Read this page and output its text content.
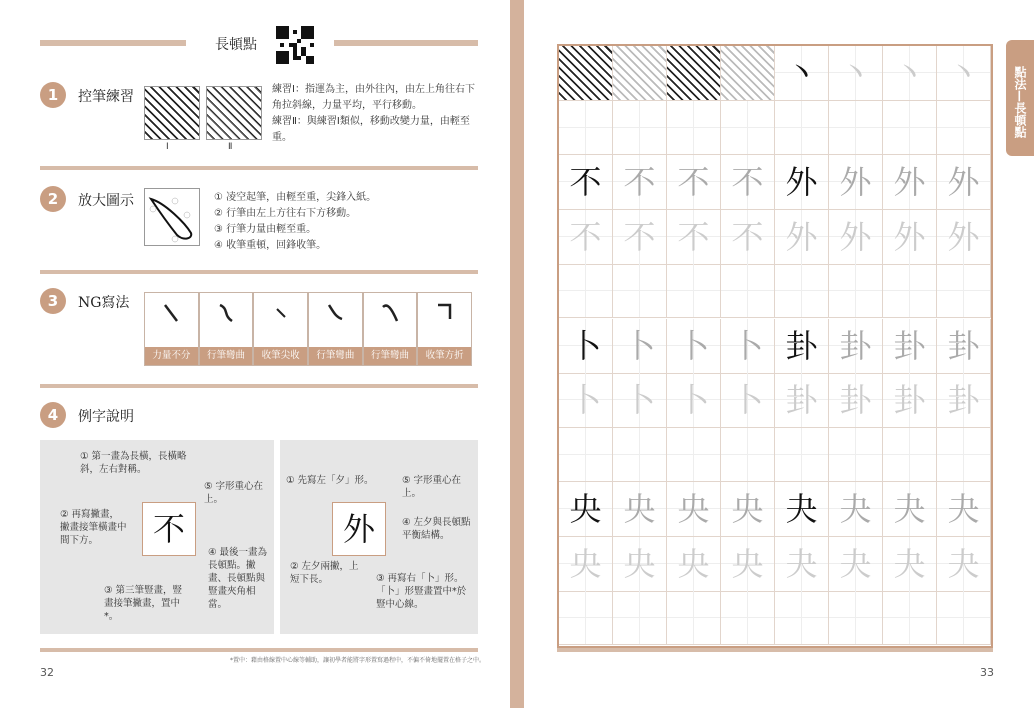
長頓點
1	控筆練習
Ⅰ	Ⅱ
練習Ⅰ：指運為主，由外往內，由左上角往右下角拉斜線，力量平均，平行移動。
練習Ⅱ：與練習Ⅰ類似，移動改變力量，由輕至重。
2	放大圖示	① 凌空起筆，由輕至重，尖鋒入紙。
② 行筆由左上方往右下方移動。
③ 行筆力量由輕至重。
④ 收筆重頓，回鋒收筆。
3	NG寫法
力量不分	行筆彎曲	收筆尖收	行筆彎曲	行筆彎曲	收筆方折
4	例字說明
① 第一畫為長橫，長橫略斜，左右對稱。
② 再寫撇畫，撇畫接筆橫畫中間下方。
③ 第三筆豎畫，豎畫接筆撇畫，置中*。
④ 最後一畫為長頓點。撇畫、長頓點與豎畫夾角相當。
⑤ 字形重心在上。
不
① 先寫左「夕」形。
② 左夕兩撇，上短下長。	③ 再寫右「卜」形。「卜」形豎畫置中*於豎中心線。
④ 左夕與長頓點平衡結構。
⑤ 字形重心在上。
外
*置中：藉由格線置中心線等輔助，讓初學者能將字形置寫過程中，不偏不倚地擺置在格子之中。
32
丶 丶 丶 丶
不 不 不 不 外 外 外 外
不 不 不 不 外 外 外 外
卜 卜 卜 卜 卦 卦 卦 卦
卜 卜 卜 卜 卦 卦 卦 卦
央 央 央 央 夬 夬 夬 夬
央 央 央 央 夬 夬 夬 夬
點法—長頓點
33
